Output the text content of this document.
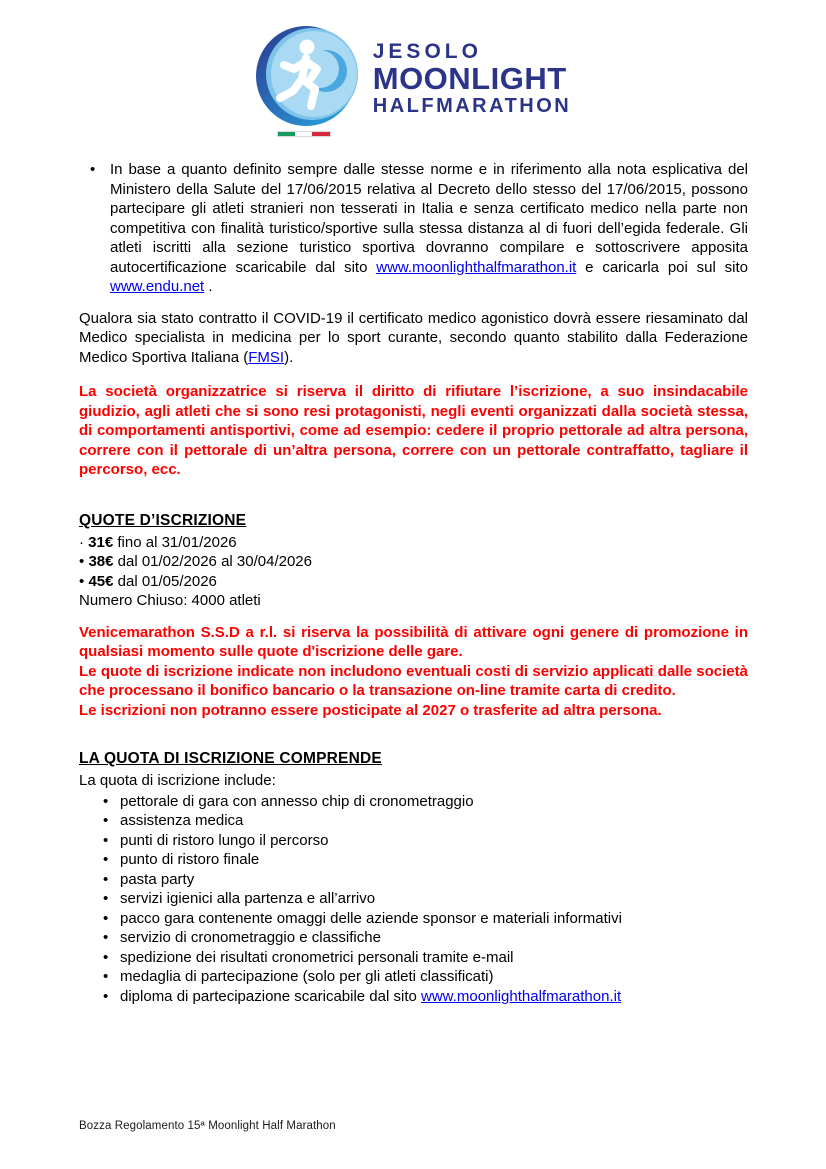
JESOLO
MOONLIGHT
HALFMARATHON
• In base a quanto definito sempre dalle stesse norme e in riferimento alla nota esplicativa del Ministero della Salute del 17/06/2015 relativa al Decreto dello stesso del 17/06/2015, possono partecipare gli atleti stranieri non tesserati in Italia e senza certificato medico nella parte non competitiva con finalità turistico/sportive sulla stessa distanza al di fuori dell’egida federale. Gli atleti iscritti alla sezione turistico sportiva dovranno compilare e sottoscrivere apposita autocertificazione scaricabile dal sito www.moonlighthalfmarathon.it e caricarla poi sul sito www.endu.net .

Qualora sia stato contratto il COVID-19 il certificato medico agonistico dovrà essere riesaminato dal Medico specialista in medicina per lo sport curante, secondo quanto stabilito dalla Federazione Medico Sportiva Italiana (FMSI).

La società organizzatrice si riserva il diritto di rifiutare l’iscrizione, a suo insindacabile giudizio, agli atleti che si sono resi protagonisti, negli eventi organizzati dalla società stessa, di comportamenti antisportivi, come ad esempio: cedere il proprio pettorale ad altra persona, correre con il pettorale di un’altra persona, correre con un pettorale contraffatto, tagliare il percorso, ecc.

QUOTE D’ISCRIZIONE
· 31€ fino al 31/01/2026
• 38€ dal 01/02/2026 al 30/04/2026
• 45€ dal 01/05/2026
Numero Chiuso: 4000 atleti

Venicemarathon S.S.D a r.l. si riserva la possibilità di attivare ogni genere di promozione in qualsiasi momento sulle quote d'iscrizione delle gare.

Le quote di iscrizione indicate non includono eventuali costi di servizio applicati dalle società che processano il bonifico bancario o la transazione on-line tramite carta di credito.

Le iscrizioni non potranno essere posticipate al 2027 o trasferite ad altra persona.

LA QUOTA DI ISCRIZIONE COMPRENDE
La quota di iscrizione include:
• pettorale di gara con annesso chip di cronometraggio
• assistenza medica
• punti di ristoro lungo il percorso
• punto di ristoro finale
• pasta party
• servizi igienici alla partenza e all’arrivo
• pacco gara contenente omaggi delle aziende sponsor e materiali informativi
• servizio di cronometraggio e classifiche
• spedizione dei risultati cronometrici personali tramite e-mail
• medaglia di partecipazione (solo per gli atleti classificati)
• diploma di partecipazione scaricabile dal sito www.moonlighthalfmarathon.it
Bozza Regolamento 15ª Moonlight Half Marathon
